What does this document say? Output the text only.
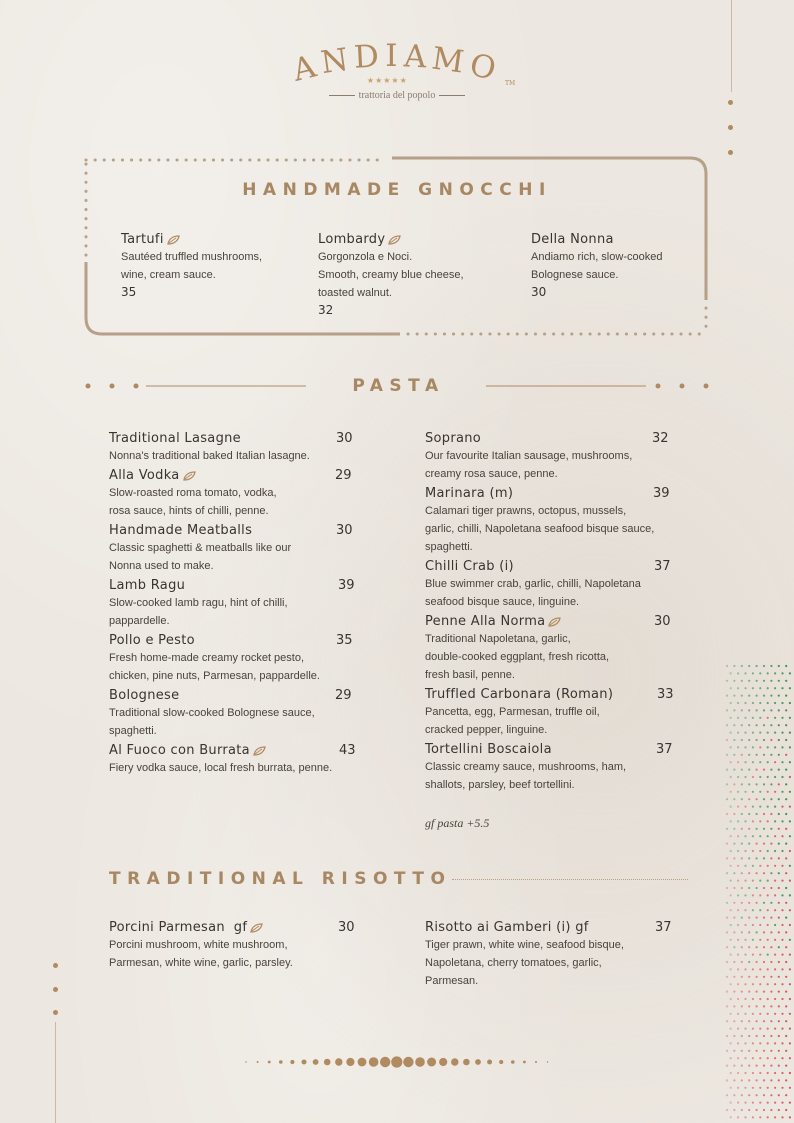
ANDIAMO
★★★★★	TM
trattoria del popolo
HANDMADE GNOCCHI
Tartufi
Sautéed truffled mushrooms,
wine, cream sauce.
35
Lombardy
Gorgonzola e Noci.
Smooth, creamy blue cheese,
toasted walnut.
32
Della Nonna
Andiamo rich, slow-cooked
Bolognese sauce.
30
PASTA
Traditional Lasagne	30
Nonna's traditional baked Italian lasagne.
Alla Vodka	29
Slow-roasted roma tomato, vodka,
rosa sauce, hints of chilli, penne.
Handmade Meatballs	30
Classic spaghetti & meatballs like our
Nonna used to make.
Lamb Ragu	39
Slow-cooked lamb ragu, hint of chilli,
pappardelle.
Pollo e Pesto	35
Fresh home-made creamy rocket pesto,
chicken, pine nuts, Parmesan, pappardelle.
Bolognese	29
Traditional slow-cooked Bolognese sauce,
spaghetti.
Al Fuoco con Burrata	43
Fiery vodka sauce, local fresh burrata, penne.
Soprano	32
Our favourite Italian sausage, mushrooms,
creamy rosa sauce, penne.
Marinara (m)	39
Calamari tiger prawns, octopus, mussels,
garlic, chilli, Napoletana seafood bisque sauce,
spaghetti.
Chilli Crab (i)	37
Blue swimmer crab, garlic, chilli, Napoletana
seafood bisque sauce, linguine.
Penne Alla Norma	30
Traditional Napoletana, garlic,
double-cooked eggplant, fresh ricotta,
fresh basil, penne.
Truffled Carbonara (Roman)	33
Pancetta, egg, Parmesan, truffle oil,
cracked pepper, linguine.
Tortellini Boscaiola	37
Classic creamy sauce, mushrooms, ham,
shallots, parsley, beef tortellini.
gf pasta +5.5
TRADITIONAL RISOTTO
Porcini Parmesan  gf	30
Porcini mushroom, white mushroom,
Parmesan, white wine, garlic, parsley.
Risotto ai Gamberi (i) gf	37
Tiger prawn, white wine, seafood bisque,
Napoletana, cherry tomatoes, garlic,
Parmesan.
